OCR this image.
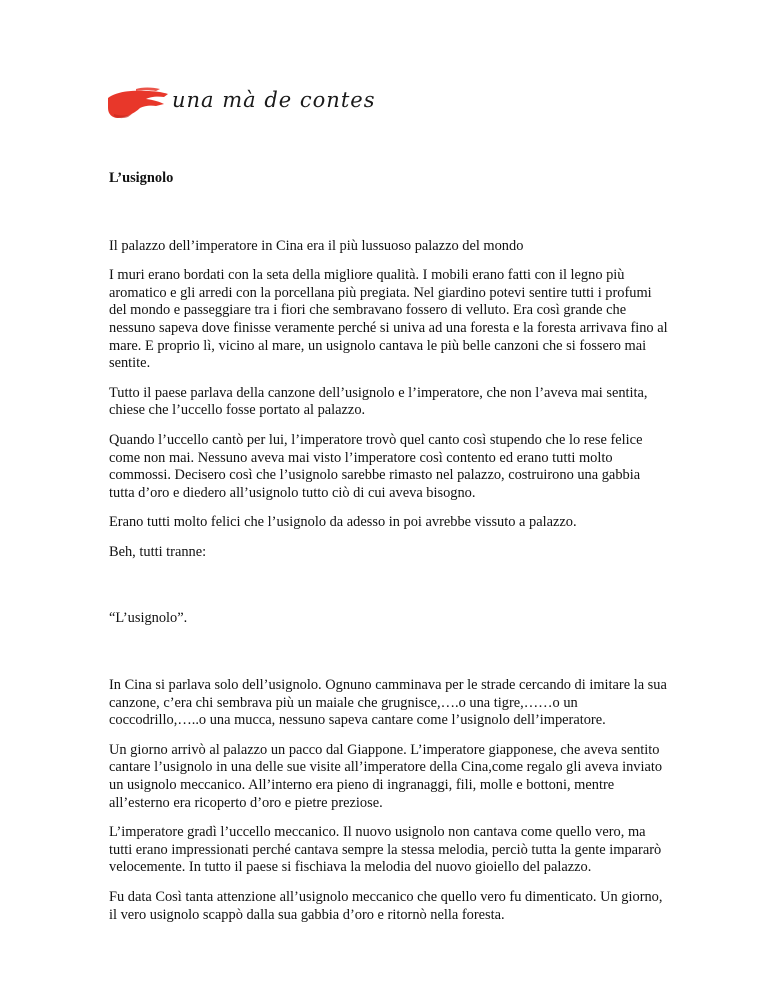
una mà de contes

L’usignolo

Il palazzo dell’imperatore in Cina era il più lussuoso palazzo del mondo

I muri erano bordati con la seta della migliore qualità. I mobili erano fatti con il legno più aromatico e gli arredi con la porcellana più pregiata. Nel giardino potevi sentire tutti i profumi del mondo e passeggiare tra i fiori che sembravano fossero di velluto. Era così grande che nessuno sapeva dove finisse veramente perché si univa ad una foresta e la foresta arrivava fino al mare. E proprio lì, vicino al mare, un usignolo cantava le più belle canzoni che si fossero mai sentite.

Tutto il paese parlava della canzone dell’usignolo e l’imperatore, che non l’aveva mai sentita, chiese che l’uccello fosse portato al palazzo.

Quando l’uccello cantò per lui, l’imperatore trovò quel canto così stupendo che lo rese felice come non mai. Nessuno aveva mai visto l’imperatore così contento ed erano tutti molto commossi. Decisero così che l’usignolo sarebbe rimasto nel palazzo, costruirono una gabbia tutta d’oro e diedero all’usignolo tutto ciò di cui aveva bisogno.

Erano tutti molto felici che l’usignolo da adesso in poi avrebbe vissuto a palazzo.

Beh, tutti tranne:

“L’usignolo”.

In Cina si parlava solo dell’usignolo. Ognuno camminava per le strade cercando di imitare la sua canzone, c’era chi sembrava più un maiale che grugnisce,….o una tigre,……o un coccodrillo,…..o una mucca, nessuno sapeva cantare come l’usignolo dell’imperatore.

Un giorno arrivò al palazzo un pacco dal Giappone. L’imperatore giapponese, che aveva sentito cantare l’usignolo in una delle sue visite all’imperatore della Cina,come regalo gli aveva inviato un usignolo meccanico. All’interno era pieno di ingranaggi, fili, molle e bottoni, mentre all’esterno era ricoperto d’oro e pietre preziose.

L’imperatore gradì l’uccello meccanico. Il nuovo usignolo non cantava come quello vero, ma tutti erano impressionati perché cantava sempre la stessa melodia, perciò tutta la gente impararò velocemente. In tutto il paese si fischiava la melodia del nuovo gioiello del palazzo.

Fu data Così tanta attenzione all’usignolo meccanico che quello vero fu dimenticato. Un giorno, il vero usignolo scappò dalla sua gabbia d’oro e ritornò nella foresta.
